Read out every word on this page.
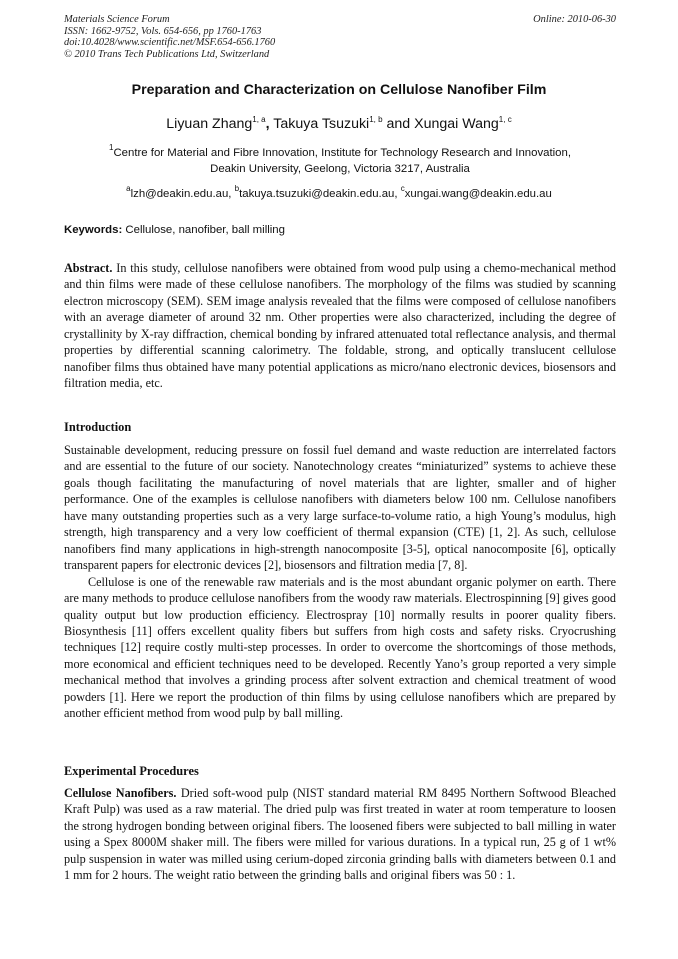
Materials Science Forum
ISSN: 1662-9752, Vols. 654-656, pp 1760-1763
doi:10.4028/www.scientific.net/MSF.654-656.1760
© 2010 Trans Tech Publications Ltd, Switzerland
Online: 2010-06-30
Preparation and Characterization on Cellulose Nanofiber Film
Liyuan Zhang$^{1, a}$, Takuya Tsuzuki$^{1, b}$ and Xungai Wang$^{1, c}$
$^1$Centre for Material and Fibre Innovation, Institute for Technology Research and Innovation,
Deakin University, Geelong, Victoria 3217, Australia
$^a$lzh@deakin.edu.au, $^b$takuya.tsuzuki@deakin.edu.au, $^c$xungai.wang@deakin.edu.au
Keywords: Cellulose, nanofiber, ball milling

Abstract. In this study, cellulose nanofibers were obtained from wood pulp using a chemo-mechanical method and thin films were made of these cellulose nanofibers. The morphology of the films was studied by scanning electron microscopy (SEM). SEM image analysis revealed that the films were composed of cellulose nanofibers with an average diameter of around 32 nm. Other properties were also characterized, including the degree of crystallinity by X-ray diffraction, chemical bonding by infrared attenuated total reflectance analysis, and thermal properties by differential scanning calorimetry. The foldable, strong, and optically translucent cellulose nanofiber films thus obtained have many potential applications as micro/nano electronic devices, biosensors and filtration media, etc.

Introduction

Sustainable development, reducing pressure on fossil fuel demand and waste reduction are interrelated factors and are essential to the future of our society. Nanotechnology creates “miniaturized” systems to achieve these goals though facilitating the manufacturing of novel materials that are lighter, smaller and of higher performance. One of the examples is cellulose nanofibers with diameters below 100 nm. Cellulose nanofibers have many outstanding properties such as a very large surface-to-volume ratio, a high Young’s modulus, high strength, high transparency and a very low coefficient of thermal expansion (CTE) [1, 2]. As such, cellulose nanofibers find many applications in high-strength nanocomposite [3-5], optical nanocomposite [6], optically transparent papers for electronic devices [2], biosensors and filtration media [7, 8].

Cellulose is one of the renewable raw materials and is the most abundant organic polymer on earth. There are many methods to produce cellulose nanofibers from the woody raw materials. Electrospinning [9] gives good quality output but low production efficiency. Electrospray [10] normally results in poorer quality fibers. Biosynthesis [11] offers excellent quality fibers but suffers from high costs and safety risks. Cryocrushing techniques [12] require costly multi-step processes. In order to overcome the shortcomings of those methods, more economical and efficient techniques need to be developed. Recently Yano’s group reported a very simple mechanical method that involves a grinding process after solvent extraction and chemical treatment of wood powders [1]. Here we report the production of thin films by using cellulose nanofibers which are prepared by another efficient method from wood pulp by ball milling.

Experimental Procedures

Cellulose Nanofibers. Dried soft-wood pulp (NIST standard material RM 8495 Northern Softwood Bleached Kraft Pulp) was used as a raw material. The dried pulp was first treated in water at room temperature to loosen the strong hydrogen bonding between original fibers. The loosened fibers were subjected to ball milling in water using a Spex 8000M shaker mill. The fibers were milled for various durations. In a typical run, 25 g of 1 wt% pulp suspension in water was milled using cerium-doped zirconia grinding balls with diameters between 0.1 and 1 mm for 2 hours. The weight ratio between the grinding balls and original fibers was 50 : 1.
